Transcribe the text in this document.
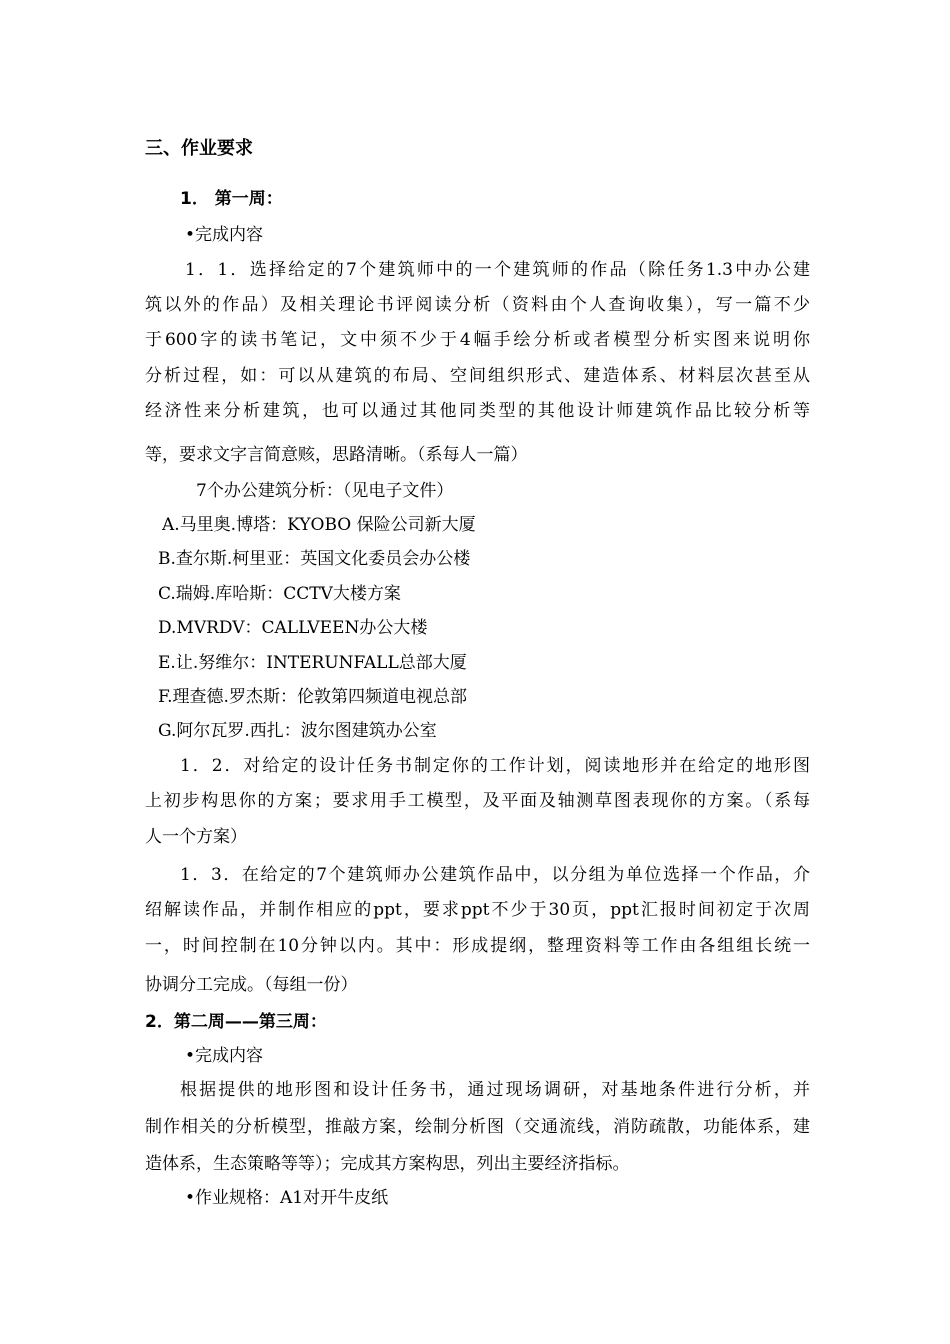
三、作业要求
1． 第一周：
•完成内容
1．1．选择给定的7个建筑师中的一个建筑师的作品（除任务1.3中办公建
筑以外的作品）及相关理论书评阅读分析（资料由个人查询收集），写一篇不少
于600字的读书笔记，文中须不少于4幅手绘分析或者模型分析实图来说明你
分析过程，如：可以从建筑的布局、空间组织形式、建造体系、材料层次甚至从
经济性来分析建筑，也可以通过其他同类型的其他设计师建筑作品比较分析等
等，要求文字言简意赅，思路清晰。（系每人一篇）
7个办公建筑分析：（见电子文件）
A.马里奥.博塔：KYOBO 保险公司新大厦
B.查尔斯.柯里亚：英国文化委员会办公楼
C.瑞姆.库哈斯：CCTV大楼方案
D.MVRDV：CALLVEEN办公大楼
E.让.努维尔：INTERUNFALL总部大厦
F.理查德.罗杰斯：伦敦第四频道电视总部
G.阿尔瓦罗.西扎：波尔图建筑办公室
1．2．对给定的设计任务书制定你的工作计划，阅读地形并在给定的地形图
上初步构思你的方案；要求用手工模型，及平面及轴测草图表现你的方案。（系每
人一个方案）
1．3．在给定的7个建筑师办公建筑作品中，以分组为单位选择一个作品，介
绍解读作品，并制作相应的ppt，要求ppt不少于30页，ppt汇报时间初定于次周
一，时间控制在10分钟以内。其中：形成提纲，整理资料等工作由各组组长统一
协调分工完成。（每组一份）
2．第二周——第三周：
•完成内容
根据提供的地形图和设计任务书，通过现场调研，对基地条件进行分析，并
制作相关的分析模型，推敲方案，绘制分析图（交通流线，消防疏散，功能体系，建
造体系，生态策略等等）；完成其方案构思，列出主要经济指标。
•作业规格：A1对开牛皮纸
